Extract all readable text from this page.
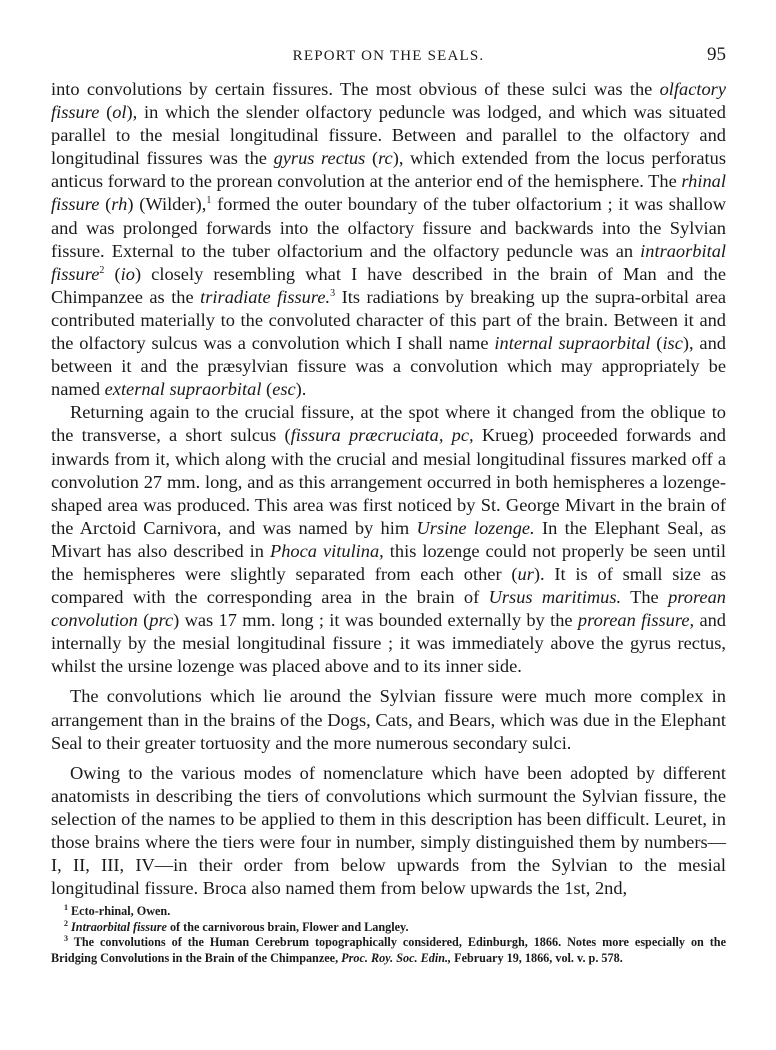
REPORT ON THE SEALS.	95

into convolutions by certain fissures. The most obvious of these sulci was the olfactory fissure (ol), in which the slender olfactory peduncle was lodged, and which was situated parallel to the mesial longitudinal fissure. Between and parallel to the olfactory and longitudinal fissures was the gyrus rectus (rc), which extended from the locus perforatus anticus forward to the prorean convolution at the anterior end of the hemisphere. The rhinal fissure (rh) (Wilder),$^1$ formed the outer boundary of the tuber olfactorium ; it was shallow and was prolonged forwards into the olfactory fissure and backwards into the Sylvian fissure. External to the tuber olfactorium and the olfactory peduncle was an intraorbital fissure$^2$ (io) closely resembling what I have described in the brain of Man and the Chimpanzee as the triradiate fissure.$^3$ Its radiations by breaking up the supra-orbital area contributed materially to the convoluted character of this part of the brain. Between it and the olfactory sulcus was a convolution which I shall name internal supraorbital (isc), and between it and the præsylvian fissure was a convolution which may appropriately be named external supraorbital (esc).

Returning again to the crucial fissure, at the spot where it changed from the oblique to the transverse, a short sulcus (fissura præcruciata, pc, Krueg) proceeded forwards and inwards from it, which along with the crucial and mesial longitudinal fissures marked off a convolution 27 mm. long, and as this arrangement occurred in both hemispheres a lozenge-shaped area was produced. This area was first noticed by St. George Mivart in the brain of the Arctoid Carnivora, and was named by him Ursine lozenge. In the Elephant Seal, as Mivart has also described in Phoca vitulina, this lozenge could not properly be seen until the hemispheres were slightly separated from each other (ur). It is of small size as compared with the corresponding area in the brain of Ursus maritimus. The prorean convolution (prc) was 17 mm. long ; it was bounded externally by the prorean fissure, and internally by the mesial longitudinal fissure ; it was immediately above the gyrus rectus, whilst the ursine lozenge was placed above and to its inner side.

The convolutions which lie around the Sylvian fissure were much more complex in arrangement than in the brains of the Dogs, Cats, and Bears, which was due in the Elephant Seal to their greater tortuosity and the more numerous secondary sulci.

Owing to the various modes of nomenclature which have been adopted by different anatomists in describing the tiers of convolutions which surmount the Sylvian fissure, the selection of the names to be applied to them in this description has been difficult. Leuret, in those brains where the tiers were four in number, simply distinguished them by numbers—I, II, III, IV—in their order from below upwards from the Sylvian to the mesial longitudinal fissure. Broca also named them from below upwards the 1st, 2nd,

$^1$ Ecto-rhinal, Owen.

$^2$ Intraorbital fissure of the carnivorous brain, Flower and Langley.

$^3$ The convolutions of the Human Cerebrum topographically considered, Edinburgh, 1866. Notes more especially on the Bridging Convolutions in the Brain of the Chimpanzee, Proc. Roy. Soc. Edin., February 19, 1866, vol. v. p. 578.
